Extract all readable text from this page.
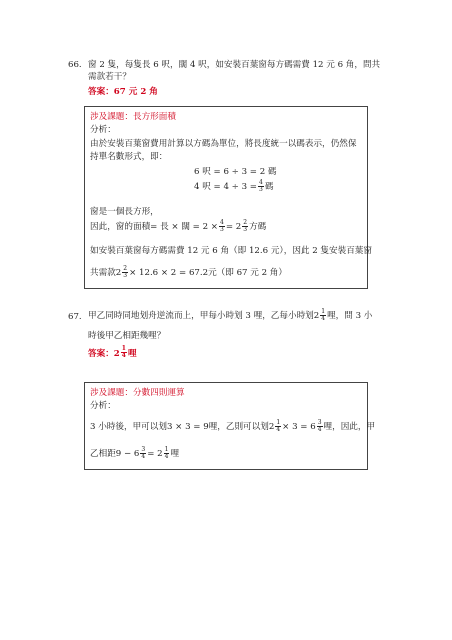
66. 窗 2 隻，每隻長 6 呎，闊 4 呎，如安裝百葉窗每方碼需費 12 元 6 角，問共
需款若干？
答案：67 元 2 角
涉及課題：長方形面積
分析：
由於安裝百葉窗費用計算以方碼為單位，將長度統一以碼表示，仍然保
持單名數形式，即：
6 呎 = 6 ÷ 3 = 2 碼
4 呎 = $4 \div 3 = \frac{4}{3}$ 碼
窗是一個長方形，
因此，窗的面積= 長 × 闊 = $2 \times \frac{4}{3} = 2$ 2
3 方碼
如安裝百葉窗每方碼需費 12 元 6 角（即 12.6 元），因此 2 隻安裝百葉窗
共需款$2 \frac{2}{3} \times 12.6 \times 2 = 67.2$元（即 67 元 2 角）
67. 甲乙同時同地划舟逆流而上，甲每小時划 3 哩，乙每小時划2 1
4 哩，問 3 小
時後甲乙相距幾哩？
答案：2 1
4 哩
涉及課題：分數四則運算
分析：
3 小時後，甲可以划3 × 3 = 9哩，乙則可以划$2 \frac{1}{4} \times 3 = 6$ 3
4 哩，因此，甲
乙相距$9 - 6 \frac{3}{4} = 2$ 1
4 哩
